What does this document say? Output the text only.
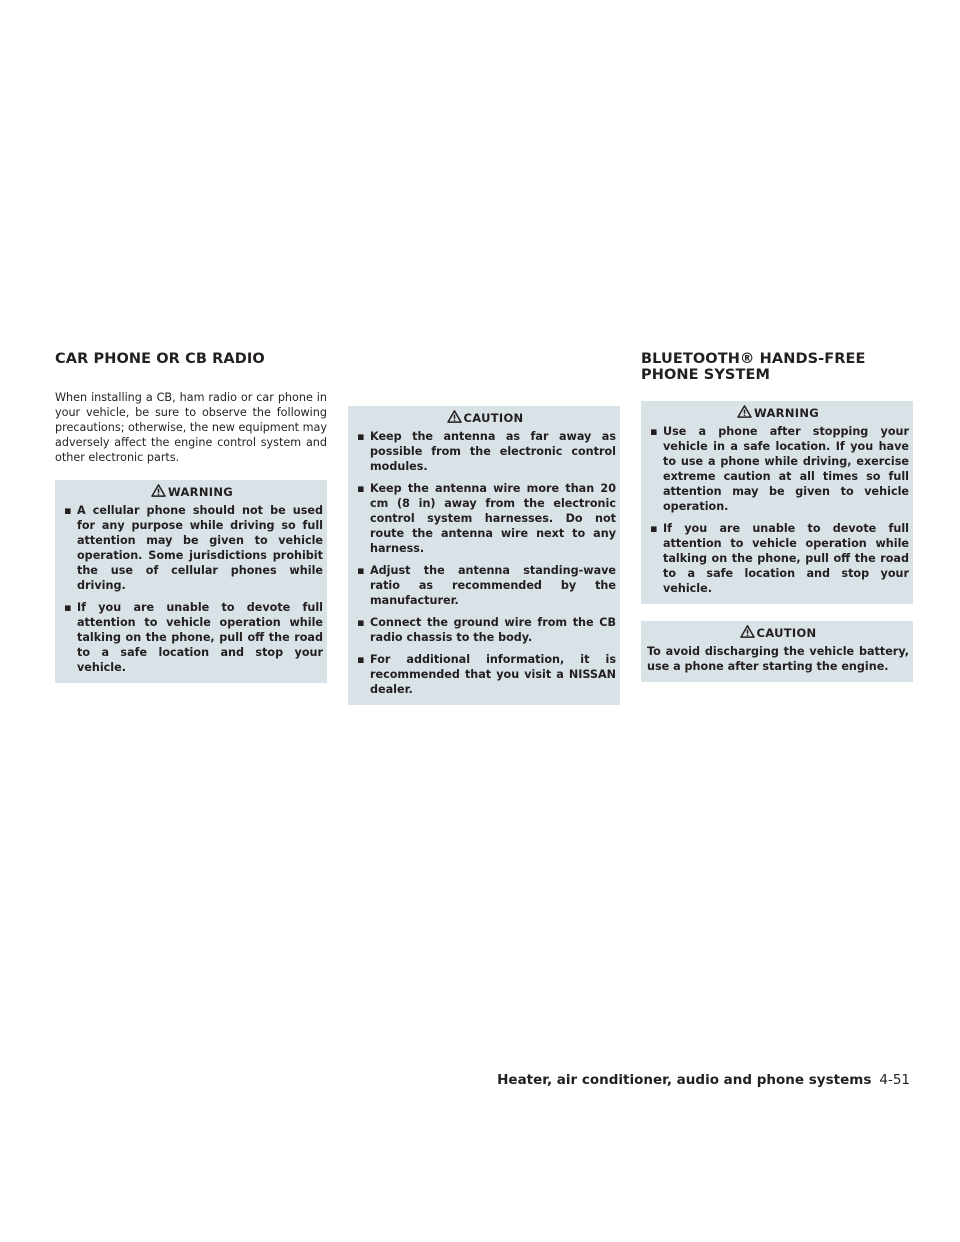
CAR PHONE OR CB RADIO

When installing a CB, ham radio or car phone in your vehicle, be sure to observe the following precautions; otherwise, the new equipment may adversely affect the engine control system and other electronic parts.

WARNING
▪ A cellular phone should not be used for any purpose while driving so full attention may be given to vehicle operation. Some jurisdictions prohibit the use of cellular phones while driving.
▪ If you are unable to devote full attention to vehicle operation while talking on the phone, pull off the road to a safe location and stop your vehicle.
CAUTION
▪ Keep the antenna as far away as possible from the electronic control modules.
▪ Keep the antenna wire more than 20 cm (8 in) away from the electronic control system harnesses. Do not route the antenna wire next to any harness.
▪ Adjust the antenna standing-wave ratio as recommended by the manufacturer.
▪ Connect the ground wire from the CB radio chassis to the body.
▪ For additional information, it is recommended that you visit a NISSAN dealer.
BLUETOOTH® HANDS-FREE PHONE SYSTEM
WARNING
▪ Use a phone after stopping your vehicle in a safe location. If you have to use a phone while driving, exercise extreme caution at all times so full attention may be given to vehicle operation.
▪ If you are unable to devote full attention to vehicle operation while talking on the phone, pull off the road to a safe location and stop your vehicle.
CAUTION

To avoid discharging the vehicle battery, use a phone after starting the engine.

Heater, air conditioner, audio and phone systems 4-51
